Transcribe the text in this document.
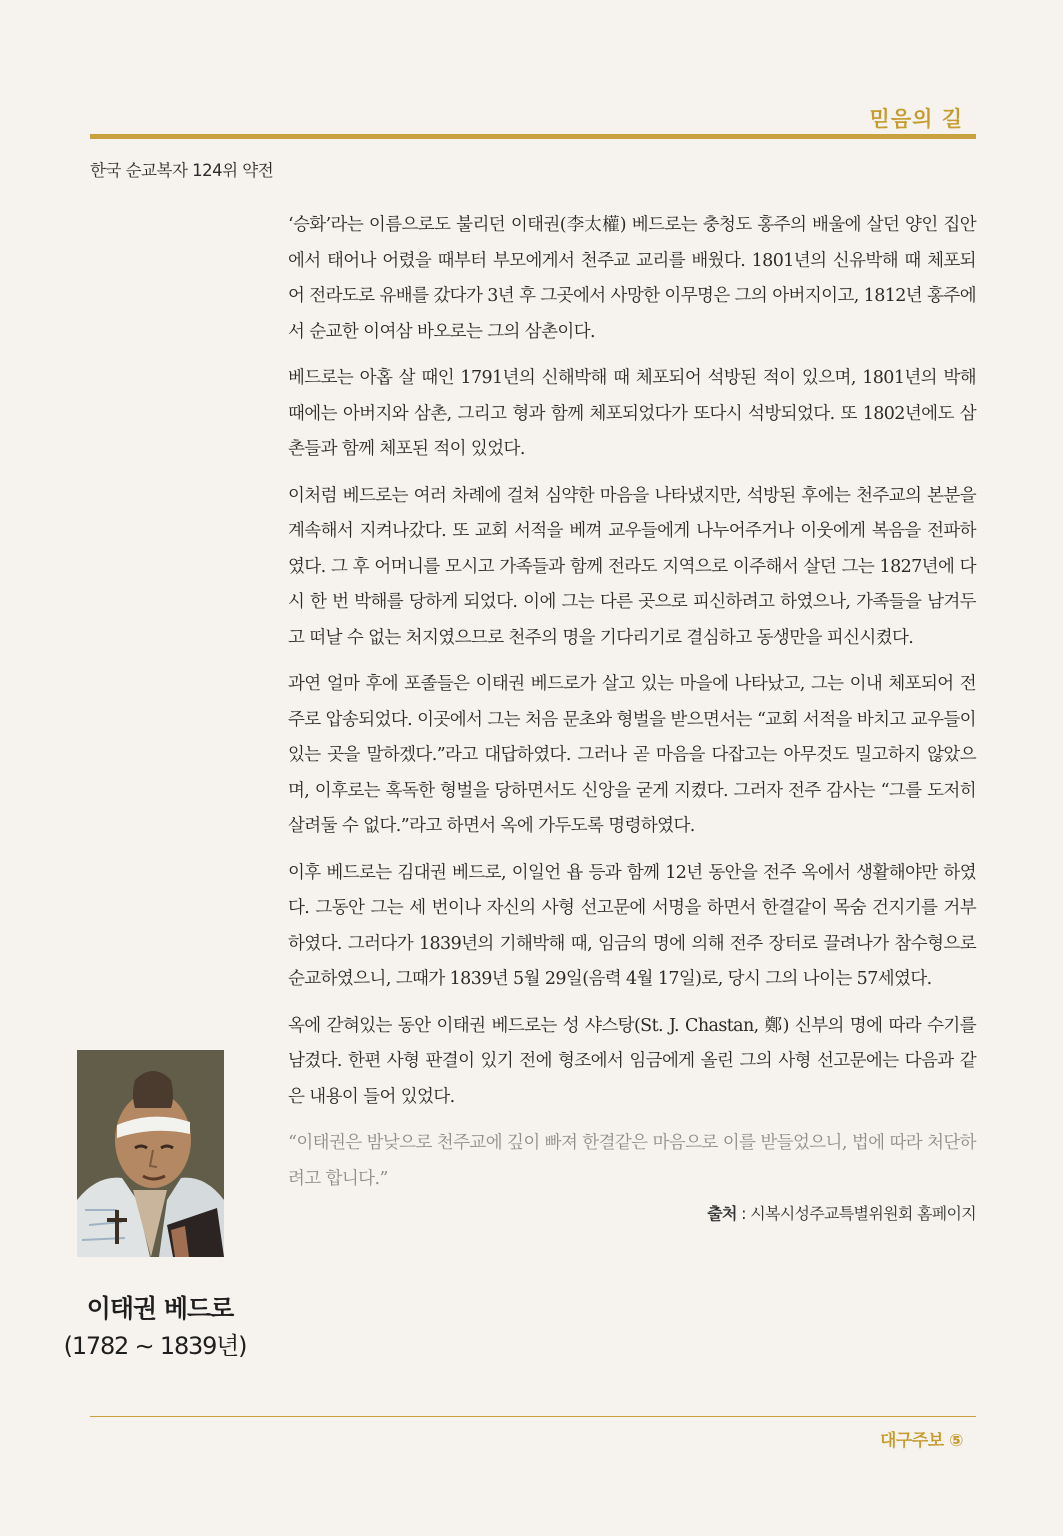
믿음의 길
한국 순교복자 124위 약전

‘승화’라는 이름으로도 불리던 이태권(李太權) 베드로는 충청도 홍주의 배울에 살던 양인 집안에서 태어나 어렸을 때부터 부모에게서 천주교 교리를 배웠다. 1801년의 신유박해 때 체포되어 전라도로 유배를 갔다가 3년 후 그곳에서 사망한 이무명은 그의 아버지이고, 1812년 홍주에서 순교한 이여삼 바오로는 그의 삼촌이다.

베드로는 아홉 살 때인 1791년의 신해박해 때 체포되어 석방된 적이 있으며, 1801년의 박해 때에는 아버지와 삼촌, 그리고 형과 함께 체포되었다가 또다시 석방되었다. 또 1802년에도 삼촌들과 함께 체포된 적이 있었다.

이처럼 베드로는 여러 차례에 걸쳐 심약한 마음을 나타냈지만, 석방된 후에는 천주교의 본분을 계속해서 지켜나갔다. 또 교회 서적을 베껴 교우들에게 나누어주거나 이웃에게 복음을 전파하였다. 그 후 어머니를 모시고 가족들과 함께 전라도 지역으로 이주해서 살던 그는 1827년에 다시 한 번 박해를 당하게 되었다. 이에 그는 다른 곳으로 피신하려고 하였으나, 가족들을 남겨두고 떠날 수 없는 처지였으므로 천주의 명을 기다리기로 결심하고 동생만을 피신시켰다.

과연 얼마 후에 포졸들은 이태권 베드로가 살고 있는 마을에 나타났고, 그는 이내 체포되어 전주로 압송되었다. 이곳에서 그는 처음 문초와 형벌을 받으면서는 “교회 서적을 바치고 교우들이 있는 곳을 말하겠다.”라고 대답하였다. 그러나 곧 마음을 다잡고는 아무것도 밀고하지 않았으며, 이후로는 혹독한 형벌을 당하면서도 신앙을 굳게 지켰다. 그러자 전주 감사는 “그를 도저히 살려둘 수 없다.”라고 하면서 옥에 가두도록 명령하였다.

이후 베드로는 김대권 베드로, 이일언 욥 등과 함께 12년 동안을 전주 옥에서 생활해야만 하였다. 그동안 그는 세 번이나 자신의 사형 선고문에 서명을 하면서 한결같이 목숨 건지기를 거부하였다. 그러다가 1839년의 기해박해 때, 임금의 명에 의해 전주 장터로 끌려나가 참수형으로 순교하였으니, 그때가 1839년 5월 29일(음력 4월 17일)로, 당시 그의 나이는 57세였다.

옥에 갇혀있는 동안 이태권 베드로는 성 샤스탕(St. J. Chastan, 鄭) 신부의 명에 따라 수기를 남겼다. 한편 사형 판결이 있기 전에 형조에서 임금에게 올린 그의 사형 선고문에는 다음과 같은 내용이 들어 있었다.

“이태권은 밤낮으로 천주교에 깊이 빠져 한결같은 마음으로 이를 받들었으니, 법에 따라 처단하려고 합니다.”

출처 : 시복시성주교특별위원회 홈페이지
이태권 베드로
(1782 ∼ 1839년)
대구주보 ⑤
